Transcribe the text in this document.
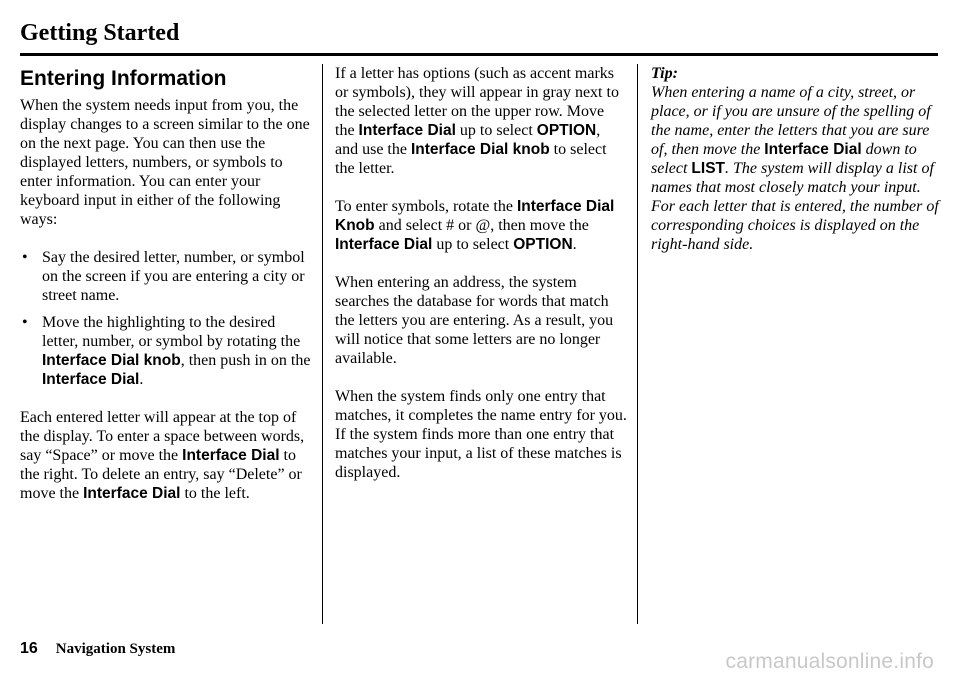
Getting Started
Entering Information

When the system needs input from you, the display changes to a screen similar to the one on the next page. You can then use the displayed letters, numbers, or symbols to enter information. You can enter your keyboard input in either of the following ways:

• Say the desired letter, number, or symbol on the screen if you are entering a city or street name.
• Move the highlighting to the desired letter, number, or symbol by rotating the Interface Dial knob, then push in on the Interface Dial.

Each entered letter will appear at the top of the display. To enter a space between words, say “Space” or move the Interface Dial to the right. To delete an entry, say “Delete” or move the Interface Dial to the left.

If a letter has options (such as accent marks or symbols), they will appear in gray next to the selected letter on the upper row. Move the Interface Dial up to select OPTION, and use the Interface Dial knob to select the letter.

To enter symbols, rotate the Interface Dial Knob and select # or @, then move the Interface Dial up to select OPTION.

When entering an address, the system searches the database for words that match the letters you are entering. As a result, you will notice that some letters are no longer available.

When the system finds only one entry that matches, it completes the name entry for you. If the system finds more than one entry that matches your input, a list of these matches is displayed.

Tip:
When entering a name of a city, street, or place, or if you are unsure of the spelling of the name, enter the letters that you are sure of, then move the Interface Dial down to select LIST. The system will display a list of names that most closely match your input. For each letter that is entered, the number of corresponding choices is displayed on the right-hand side.
16 Navigation System
carmanualsonline.info
